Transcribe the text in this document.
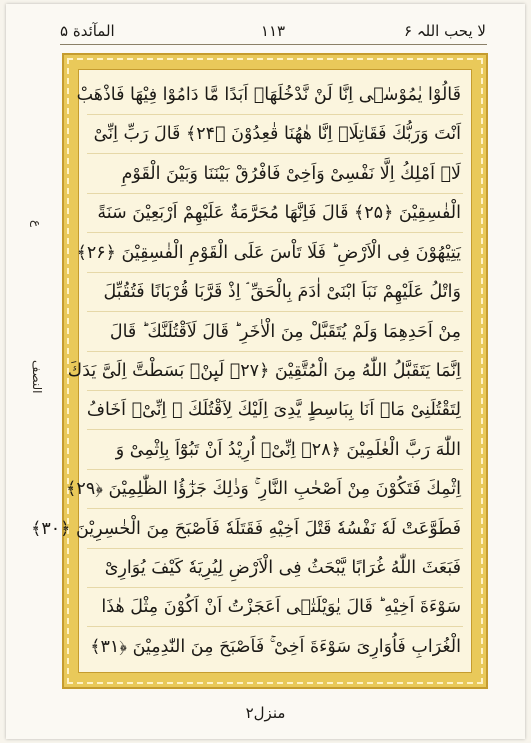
لا یحب اللہ ۶
١١٣
المآئدة ۵
ع
النصف
قَالُوْا یٰمُوْسٰۤی اِنَّا لَنْ نَّدْخُلَهَاۤ اَبَدًا مَّا دَامُوْا فِیْهَا فَاذْهَبْ
اَنْتَ وَرَبُّكَ فَقَاتِلَاۤ اِنَّا هٰهُنَا قٰعِدُوْنَ ﴿۲۴﴾ قَالَ رَبِّ اِنِّیْ
لَاۤ اَمْلِكُ اِلَّا نَفْسِیْ وَاَخِیْ فَافْرُقْ بَیْنَنَا وَبَیْنَ الْقَوْمِ
الْفٰسِقِیْنَ ﴿۲۵﴾ قَالَ فَاِنَّهَا مُحَرَّمَةٌ عَلَیْهِمْ اَرْبَعِیْنَ سَنَةً
یَتِیْهُوْنَ فِی الْاَرْضِ ؕ فَلَا تَاْسَ عَلَی الْقَوْمِ الْفٰسِقِیْنَ ﴿۲۶﴾
وَاتْلُ عَلَیْهِمْ نَبَاَ ابْنَیْ اٰدَمَ بِالْحَقِّ ۘ اِذْ قَرَّبَا قُرْبَانًا فَتُقُبِّلَ
مِنْ اَحَدِهِمَا وَلَمْ یُتَقَبَّلْ مِنَ الْاٰخَرِ ؕ قَالَ لَاَقْتُلَنَّكَ ؕ قَالَ
اِنَّمَا یَتَقَبَّلُ اللّٰهُ مِنَ الْمُتَّقِیْنَ ﴿۲۷﴾ لَىِٕنْۢ بَسَطْتَّ اِلَیَّ یَدَكَ
لِتَقْتُلَنِیْ مَاۤ اَنَا بِبَاسِطٍ یَّدِیَ اِلَیْكَ لِاَقْتُلَكَ ۚ اِنِّیْۤ اَخَافُ
اللّٰهَ رَبَّ الْعٰلَمِیْنَ ﴿۲۸﴾ اِنِّیْۤ اُرِیْدُ اَنْ تَبُوْٓاَ بِاِثْمِیْ وَ
اِثْمِكَ فَتَكُوْنَ مِنْ اَصْحٰبِ النَّارِ ۚ وَذٰلِكَ جَزٰٓؤُا الظّٰلِمِیْنَ ﴿۲۹﴾
فَطَوَّعَتْ لَهٗ نَفْسُهٗ قَتْلَ اَخِیْهِ فَقَتَلَهٗ فَاَصْبَحَ مِنَ الْخٰسِرِیْنَ ﴿۳۰﴾
فَبَعَثَ اللّٰهُ غُرَابًا یَّبْحَثُ فِی الْاَرْضِ لِیُرِیَهٗ كَیْفَ یُوَارِیْ
سَوْءَةَ اَخِیْهِ ؕ قَالَ یٰوَیْلَتٰۤی اَعَجَزْتُ اَنْ اَكُوْنَ مِثْلَ هٰذَا
الْغُرَابِ فَاُوَارِیَ سَوْءَةَ اَخِیْ ۚ فَاَصْبَحَ مِنَ النّٰدِمِیْنَ ﴿۳۱﴾
منزل۲
